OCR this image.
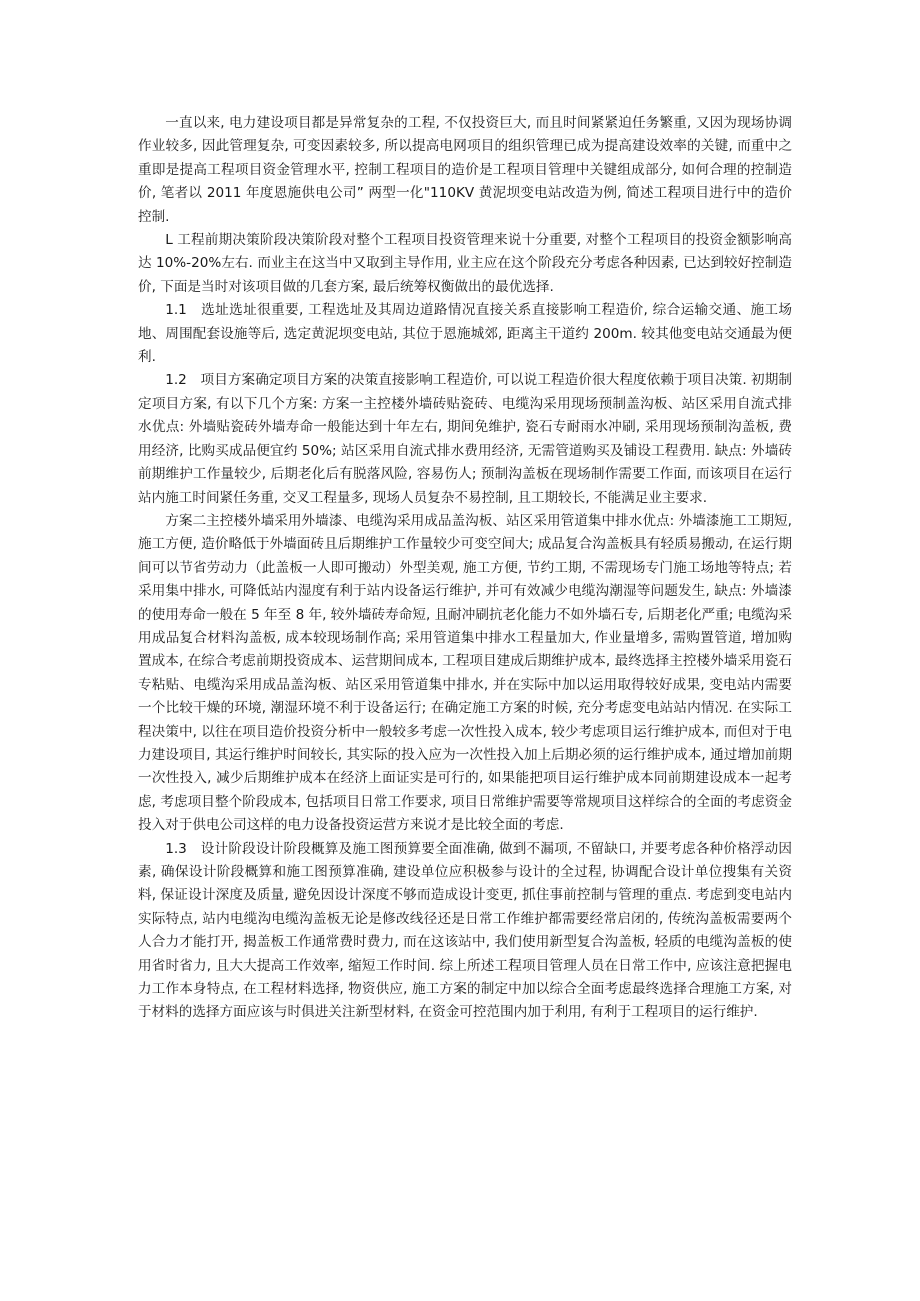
一直以来, 电力建设项目都是异常复杂的工程, 不仅投资巨大, 而且时间紧紧迫任务繁重, 又因为现场协调作业较多, 因此管理复杂, 可变因素较多, 所以提高电网项目的组织管理已成为提高建设效率的关键, 而重中之重即是提高工程项目资金管理水平, 控制工程项目的造价是工程项目管理中关键组成部分, 如何合理的控制造价, 笔者以 2011 年度恩施供电公司” 两型一化"110KV 黄泥坝变电站改造为例, 简述工程项目进行中的造价控制.

L 工程前期决策阶段决策阶段对整个工程项目投资管理来说十分重要, 对整个工程项目的投资金额影响高达 10%-20%左右. 而业主在这当中又取到主导作用, 业主应在这个阶段充分考虑各种因素, 已达到较好控制造价, 下面是当时对该项目做的几套方案, 最后统筹权衡做出的最优选择.

1.1　选址选址很重要, 工程选址及其周边道路情况直接关系直接影响工程造价, 综合运输交通、施工场地、周围配套设施等后, 选定黄泥坝变电站, 其位于恩施城郊, 距离主干道约 200m. 较其他变电站交通最为便利.

1.2　项目方案确定项目方案的决策直接影响工程造价, 可以说工程造价很大程度依赖于项目决策. 初期制定项目方案, 有以下几个方案: 方案一主控楼外墙砖贴瓷砖、电缆沟采用现场预制盖沟板、站区采用自流式排水优点: 外墙贴瓷砖外墙寿命一般能达到十年左右, 期间免维护, 瓷石专耐雨水冲刷, 采用现场预制沟盖板, 费用经济, 比购买成品便宜约 50%; 站区采用自流式排水费用经济, 无需管道购买及铺设工程费用. 缺点: 外墙砖前期维护工作量较少, 后期老化后有脱落风险, 容易伤人; 预制沟盖板在现场制作需要工作面, 而该项目在运行站内施工时间紧任务重, 交叉工程量多, 现场人员复杂不易控制, 且工期较长, 不能满足业主要求.

方案二主控楼外墙采用外墙漆、电缆沟采用成品盖沟板、站区采用管道集中排水优点: 外墙漆施工工期短, 施工方便, 造价略低于外墙面砖且后期维护工作量较少可变空间大; 成品复合沟盖板具有轻质易搬动, 在运行期间可以节省劳动力（此盖板一人即可搬动）外型美观, 施工方便, 节约工期, 不需现场专门施工场地等特点; 若采用集中排水, 可降低站内湿度有利于站内设备运行维护, 并可有效减少电缆沟潮湿等问题发生, 缺点: 外墙漆的使用寿命一般在 5 年至 8 年, 较外墙砖寿命短, 且耐冲刷抗老化能力不如外墙石专, 后期老化严重; 电缆沟采用成品复合材料沟盖板, 成本较现场制作高; 采用管道集中排水工程量加大, 作业量增多, 需购置管道, 增加购置成本, 在综合考虑前期投资成本、运营期间成本, 工程项目建成后期维护成本, 最终选择主控楼外墙采用瓷石专粘贴、电缆沟采用成品盖沟板、站区采用管道集中排水, 并在实际中加以运用取得较好成果, 变电站内需要一个比较干燥的环境, 潮湿环境不利于设备运行; 在确定施工方案的时候, 充分考虑变电站站内情况. 在实际工程决策中, 以往在项目造价投资分析中一般较多考虑一次性投入成本, 较少考虑项目运行维护成本, 而但对于电力建设项目, 其运行维护时间较长, 其实际的投入应为一次性投入加上后期必须的运行维护成本, 通过增加前期一次性投入, 减少后期维护成本在经济上面证实是可行的, 如果能把项目运行维护成本同前期建设成本一起考虑, 考虑项目整个阶段成本, 包括项目日常工作要求, 项目日常维护需要等常规项目这样综合的全面的考虑资金投入对于供电公司这样的电力设备投资运营方来说才是比较全面的考虑.

1.3　设计阶段设计阶段概算及施工图预算要全面准确, 做到不漏项, 不留缺口, 并要考虑各种价格浮动因素, 确保设计阶段概算和施工图预算准确, 建设单位应积极参与设计的全过程, 协调配合设计单位搜集有关资料, 保证设计深度及质量, 避免因设计深度不够而造成设计变更, 抓住事前控制与管理的重点. 考虑到变电站内实际特点, 站内电缆沟电缆沟盖板无论是修改线径还是日常工作维护都需要经常启闭的, 传统沟盖板需要两个人合力才能打开, 揭盖板工作通常费时费力, 而在这该站中, 我们使用新型复合沟盖板, 轻质的电缆沟盖板的使用省时省力, 且大大提高工作效率, 缩短工作时间. 综上所述工程项目管理人员在日常工作中, 应该注意把握电力工作本身特点, 在工程材料选择, 物资供应, 施工方案的制定中加以综合全面考虑最终选择合理施工方案, 对于材料的选择方面应该与时俱进关注新型材料, 在资金可控范围内加于利用, 有利于工程项目的运行维护.
